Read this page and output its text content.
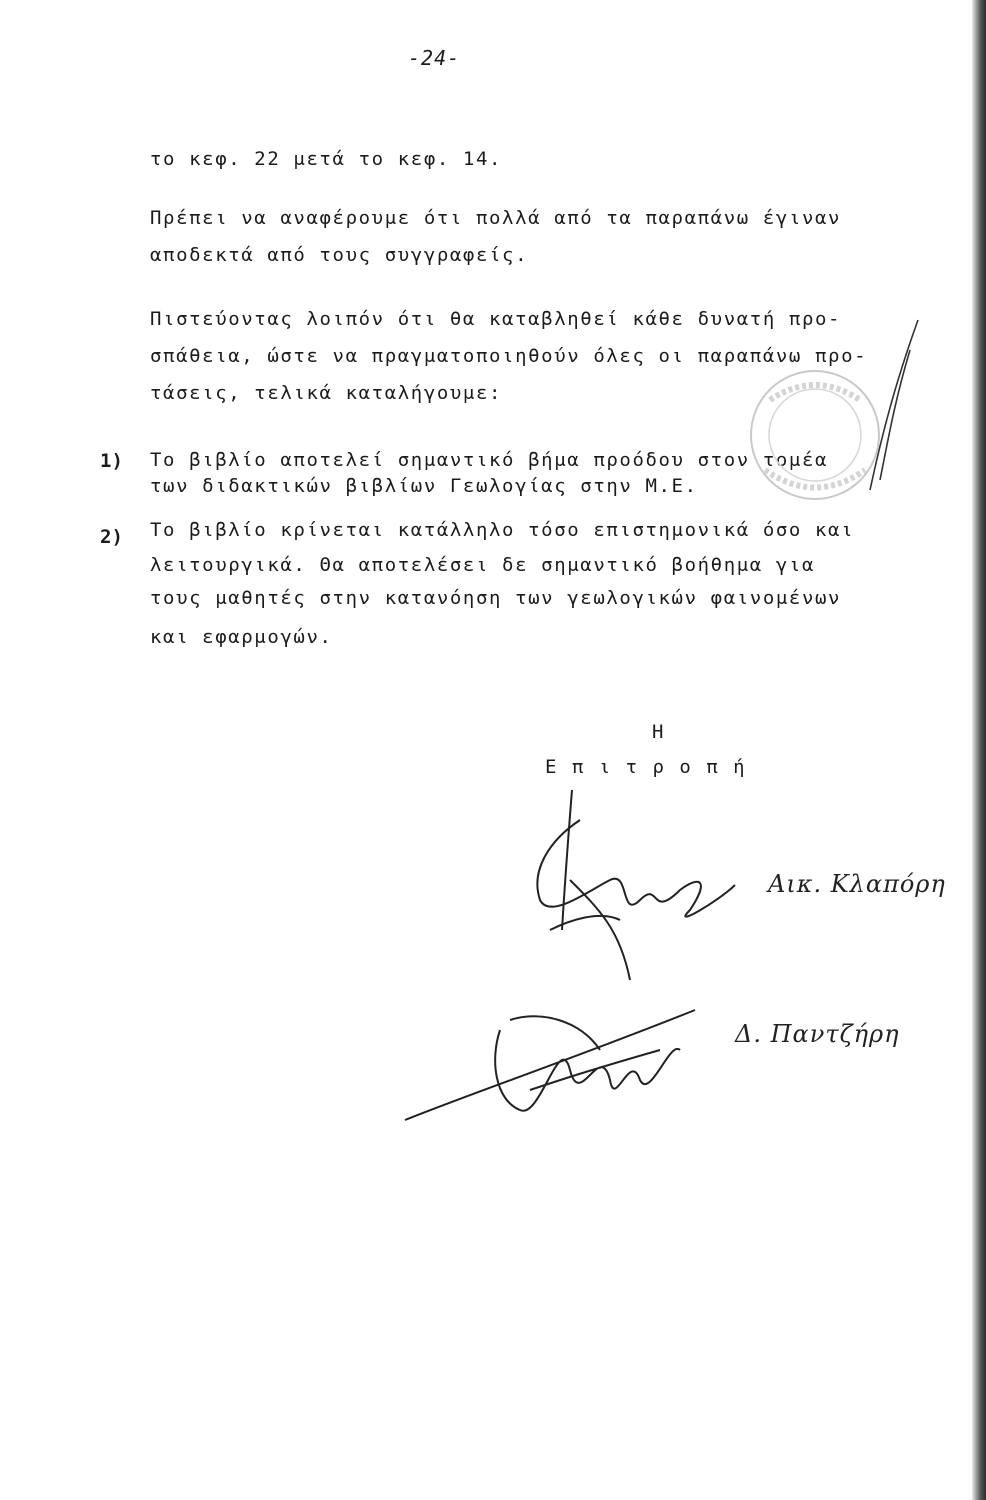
-24-
το κεφ. 22 μετά το κεφ. 14.
Πρέπει να αναφέρουμε ότι πολλά από τα παραπάνω έγιναν
αποδεκτά από τους συγγραφείς.
Πιστεύοντας λοιπόν ότι θα καταβληθεί κάθε δυνατή προ-
σπάθεια, ώστε να πραγματοποιηθούν όλες οι παραπάνω προ-
τάσεις, τελικά καταλήγουμε:
1) Το βιβλίο αποτελεί σημαντικό βήμα προόδου στον τομέα
των διδακτικών βιβλίων Γεωλογίας στην Μ.Ε.
2) Το βιβλίο κρίνεται κατάλληλο τόσο επιστημονικά όσο και
λειτουργικά. Θα αποτελέσει δε σημαντικό βοήθημα για
τους μαθητές στην κατανόηση των γεωλογικών φαινομένων
και εφαρμογών.
Η
Ε π ι τ ρ ο π ή
Αικ. Κλαπόρη
Δ. Παντζήρη
